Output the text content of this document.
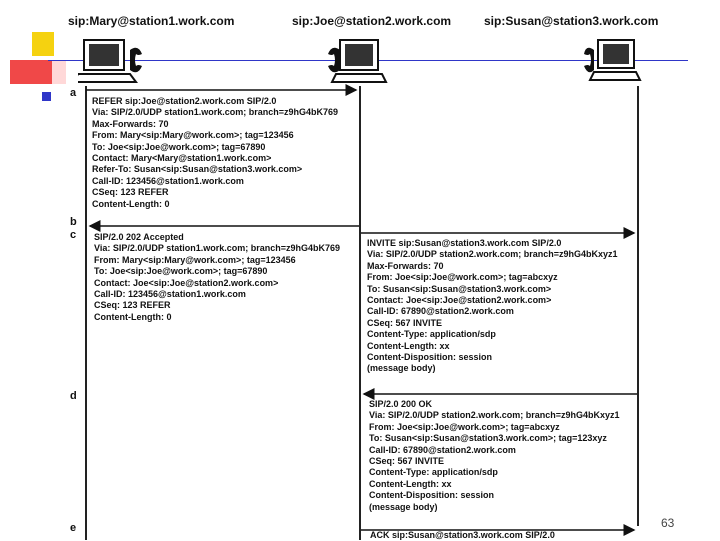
sip:Mary@station1.work.com	sip:Joe@station2.work.com	sip:Susan@station3.work.com
a
b
c
d
e
REFER sip:Joe@station2.work.com SIP/2.0
Via: SIP/2.0/UDP station1.work.com; branch=z9hG4bK769
Max-Forwards: 70
From: Mary<sip:Mary@work.com>; tag=123456
To: Joe<sip:Joe@work.com>; tag=67890
Contact: Mary<Mary@station1.work.com>
Refer-To: Susan<sip:Susan@station3.work.com>
Call-ID: 123456@station1.work.com
CSeq: 123 REFER
Content-Length: 0
SIP/2.0 202 Accepted
Via: SIP/2.0/UDP station1.work.com; branch=z9hG4bK769
From: Mary<sip:Mary@work.com>; tag=123456
To: Joe<sip:Joe@work.com>; tag=67890
Contact: Joe<sip:Joe@station2.work.com>
Call-ID: 123456@station1.work.com
CSeq: 123 REFER
Content-Length: 0
INVITE sip:Susan@station3.work.com SIP/2.0
Via: SIP/2.0/UDP station2.work.com; branch=z9hG4bKxyz1
Max-Forwards: 70
From: Joe<sip:Joe@work.com>; tag=abcxyz
To: Susan<sip:Susan@station3.work.com>
Contact: Joe<sip:Joe@station2.work.com>
Call-ID: 67890@station2.work.com
CSeq: 567 INVITE
Content-Type: application/sdp
Content-Length: xx
Content-Disposition: session
(message body)
SIP/2.0 200 OK
Via: SIP/2.0/UDP station2.work.com; branch=z9hG4bKxyz1
From: Joe<sip:Joe@work.com>; tag=abcxyz
To: Susan<sip:Susan@station3.work.com>; tag=123xyz
Call-ID: 67890@station2.work.com
CSeq: 567 INVITE
Content-Type: application/sdp
Content-Length: xx
Content-Disposition: session
(message body)
ACK sip:Susan@station3.work.com SIP/2.0
63
